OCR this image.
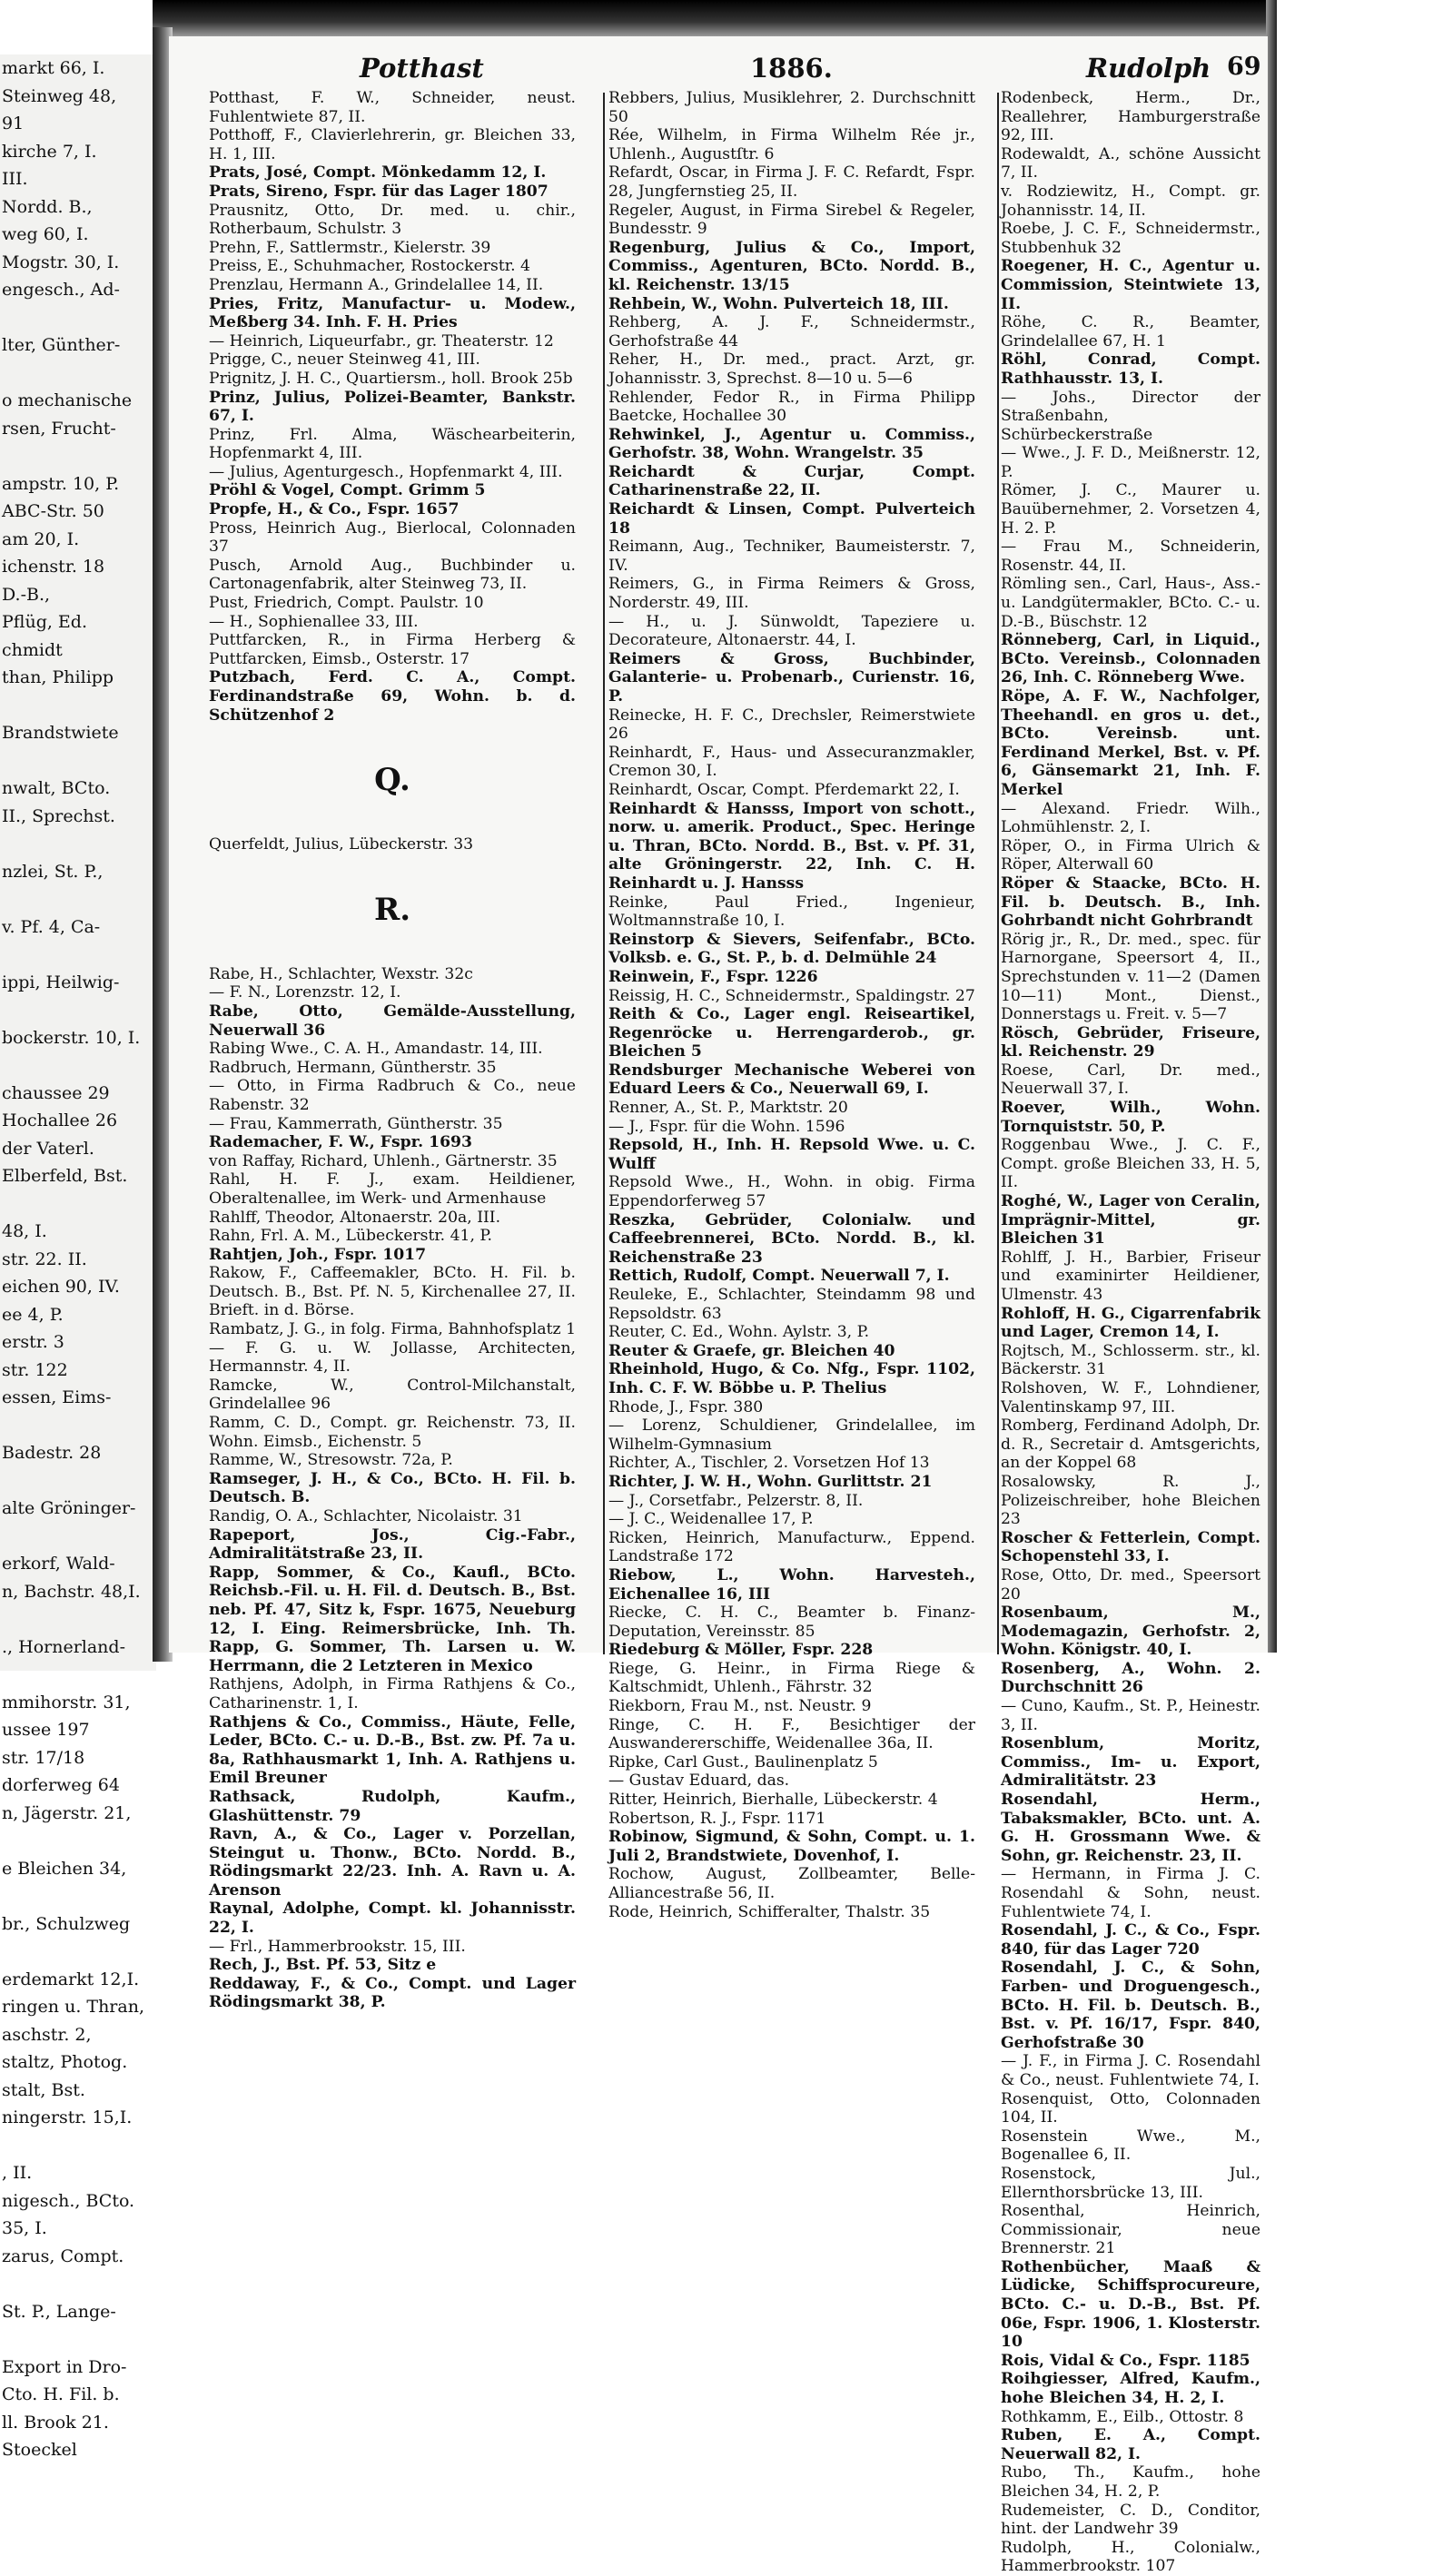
markt 66, I.
Steinweg 48,
91
kirche 7, I.
III.
Nordd. B.,
weg 60, I.
Mogstr. 30, I.
engesch., Ad-

lter, Günther-

o mechanische
rsen, Frucht-

ampstr. 10, P.
ABC-Str. 50
am 20, I.
ichenstr. 18
D.-B.,
Pflüg, Ed.
chmidt
than, Philipp

Brandstwiete

nwalt, BCto.
II., Sprechst.

nzlei, St. P.,

v. Pf. 4, Ca-

ippi, Heilwig-

bockerstr. 10, I.

chaussee 29
Hochallee 26
der Vaterl.
Elberfeld, Bst.

48, I.
str. 22. II.
eichen 90, IV.
ee 4, P.
erstr. 3
str. 122
essen, Eims-

Badestr. 28

alte Gröninger-

erkorf, Wald-
n, Bachstr. 48,I.

., Hornerland-

mmihorstr. 31,
ussee 197
str. 17/18
dorferweg 64
n, Jägerstr. 21,

e Bleichen 34,

br., Schulzweg

erdemarkt 12,I.
ringen u. Thran,
aschstr. 2,
staltz, Photog.
stalt, Bst.
ningerstr. 15,I.

, II.
nigesch., BCto.
35, I.
zarus, Compt.

St. P., Lange-

Export in Dro-
Cto. H. Fil. b.
ll. Brook 21.
Stoeckel
Potthast	1886.	Rudolph 69

Potthast, F. W., Schneider, neust. Fuhlentwiete 87, II.

Potthoff, F., Clavierlehrerin, gr. Bleichen 33, H. 1, III.

Prats, José, Compt. Mönkedamm 12, I.

Prats, Sireno, Fspr. für das Lager 1807

Prausnitz, Otto, Dr. med. u. chir., Rotherbaum, Schulstr. 3

Prehn, F., Sattlermstr., Kielerstr. 39

Preiss, E., Schuhmacher, Rostockerstr. 4

Prenzlau, Hermann A., Grindelallee 14, II.

Pries, Fritz, Manufactur- u. Modew., Meßberg 34. Inh. F. H. Pries

— Heinrich, Liqueurfabr., gr. Theaterstr. 12

Prigge, C., neuer Steinweg 41, III.

Prignitz, J. H. C., Quartiersm., holl. Brook 25b

Prinz, Julius, Polizei-Beamter, Bankstr. 67, I.

Prinz, Frl. Alma, Wäschearbeiterin, Hopfenmarkt 4, III.

— Julius, Agenturgesch., Hopfenmarkt 4, III.

Pröhl & Vogel, Compt. Grimm 5

Propfe, H., & Co., Fspr. 1657

Pross, Heinrich Aug., Bierlocal, Colonnaden 37

Pusch, Arnold Aug., Buchbinder u. Cartonagenfabrik, alter Steinweg 73, II.

Pust, Friedrich, Compt. Paulstr. 10

— H., Sophienallee 33, III.

Puttfarcken, R., in Firma Herberg & Puttfarcken, Eimsb., Osterstr. 17

Putzbach, Ferd. C. A., Compt. Ferdinandstraße 69, Wohn. b. d. Schützenhof 2

Q.

Querfeldt, Julius, Lübeckerstr. 33

R.

Rabe, H., Schlachter, Wexstr. 32c

— F. N., Lorenzstr. 12, I.

Rabe, Otto, Gemälde-Ausstellung, Neuerwall 36

Rabing Wwe., C. A. H., Amandastr. 14, III.

Radbruch, Hermann, Güntherstr. 35

— Otto, in Firma Radbruch & Co., neue Rabenstr. 32

— Frau, Kammerrath, Güntherstr. 35

Rademacher, F. W., Fspr. 1693

von Raffay, Richard, Uhlenh., Gärtnerstr. 35

Rahl, H. F. J., exam. Heildiener, Oberaltenallee, im Werk- und Armenhause

Rahlff, Theodor, Altonaerstr. 20a, III.

Rahn, Frl. A. M., Lübeckerstr. 41, P.

Rahtjen, Joh., Fspr. 1017

Rakow, F., Caffeemakler, BCto. H. Fil. b. Deutsch. B., Bst. Pf. N. 5, Kirchenallee 27, II. Brieft. in d. Börse.

Rambatz, J. G., in folg. Firma, Bahnhofsplatz 1

— F. G. u. W. Jollasse, Architecten, Hermannstr. 4, II.

Ramcke, W., Control-Milchanstalt, Grindelallee 96

Ramm, C. D., Compt. gr. Reichenstr. 73, II. Wohn. Eimsb., Eichenstr. 5

Ramme, W., Stresowstr. 72a, P.

Ramseger, J. H., & Co., BCto. H. Fil. b. Deutsch. B.

Randig, O. A., Schlachter, Nicolaistr. 31

Rapeport, Jos., Cig.-Fabr., Admiralitätstraße 23, II.

Rapp, Sommer, & Co., Kaufl., BCto. Reichsb.-Fil. u. H. Fil. d. Deutsch. B., Bst. neb. Pf. 47, Sitz k, Fspr. 1675, Neueburg 12, I. Eing. Reimersbrücke, Inh. Th. Rapp, G. Sommer, Th. Larsen u. W. Herrmann, die 2 Letzteren in Mexico

Rathjens, Adolph, in Firma Rathjens & Co., Catharinenstr. 1, I.

Rathjens & Co., Commiss., Häute, Felle, Leder, BCto. C.- u. D.-B., Bst. zw. Pf. 7a u. 8a, Rathhausmarkt 1, Inh. A. Rathjens u. Emil Breuner

Rathsack, Rudolph, Kaufm., Glashüttenstr. 79

Ravn, A., & Co., Lager v. Porzellan, Steingut u. Thonw., BCto. Nordd. B., Rödingsmarkt 22/23. Inh. A. Ravn u. A. Arenson

Raynal, Adolphe, Compt. kl. Johannisstr. 22, I.

— Frl., Hammerbrookstr. 15, III.

Rech, J., Bst. Pf. 53, Sitz e

Reddaway, F., & Co., Compt. und Lager Rödingsmarkt 38, P.

Rebbers, Julius, Musiklehrer, 2. Durchschnitt 50

Rée, Wilhelm, in Firma Wilhelm Rée jr., Uhlenh., Augustſtr. 6

Refardt, Oscar, in Firma J. F. C. Refardt, Fspr. 28, Jungfernstieg 25, II.

Regeler, August, in Firma Sirebel & Regeler, Bundesstr. 9

Regenburg, Julius & Co., Import, Commiss., Agenturen, BCto. Nordd. B., kl. Reichenstr. 13/15

Rehbein, W., Wohn. Pulverteich 18, III.

Rehberg, A. J. F., Schneidermstr., Gerhofstraße 44

Reher, H., Dr. med., pract. Arzt, gr. Johannisstr. 3, Sprechst. 8—10 u. 5—6

Rehlender, Fedor R., in Firma Philipp Baetcke, Hochallee 30

Rehwinkel, J., Agentur u. Commiss., Gerhofstr. 38, Wohn. Wrangelstr. 35

Reichardt & Curjar, Compt. Catharinenstraße 22, II.

Reichardt & Linsen, Compt. Pulverteich 18

Reimann, Aug., Techniker, Baumeisterstr. 7, IV.

Reimers, G., in Firma Reimers & Gross, Norderstr. 49, III.

— H., u. J. Sünwoldt, Tapeziere u. Decorateure, Altonaerstr. 44, I.

Reimers & Gross, Buchbinder, Galanterie- u. Probenarb., Curienstr. 16, P.

Reinecke, H. F. C., Drechsler, Reimerstwiete 26

Reinhardt, F., Haus- und Assecuranzmakler, Cremon 30, I.

Reinhardt, Oscar, Compt. Pferdemarkt 22, I.

Reinhardt & Hansss, Import von schott., norw. u. amerik. Product., Spec. Heringe u. Thran, BCto. Nordd. B., Bst. v. Pf. 31, alte Gröningerstr. 22, Inh. C. H. Reinhardt u. J. Hansss

Reinke, Paul Fried., Ingenieur, Woltmannstraße 10, I.

Reinstorp & Sievers, Seifenfabr., BCto. Volksb. e. G., St. P., b. d. Delmühle 24

Reinwein, F., Fspr. 1226

Reissig, H. C., Schneidermstr., Spaldingstr. 27

Reith & Co., Lager engl. Reiseartikel, Regenröcke u. Herrengarderob., gr. Bleichen 5

Rendsburger Mechanische Weberei von Eduard Leers & Co., Neuerwall 69, I.

Renner, A., St. P., Marktstr. 20

— J., Fspr. für die Wohn. 1596

Repsold, H., Inh. H. Repsold Wwe. u. C. Wulff

Repsold Wwe., H., Wohn. in obig. Firma Eppendorferweg 57

Reszka, Gebrüder, Colonialw. und Caffeebrennerei, BCto. Nordd. B., kl. Reichenstraße 23

Rettich, Rudolf, Compt. Neuerwall 7, I.

Reuleke, E., Schlachter, Steindamm 98 und Repsoldstr. 63

Reuter, C. Ed., Wohn. Aylstr. 3, P.

Reuter & Graefe, gr. Bleichen 40

Rheinhold, Hugo, & Co. Nfg., Fspr. 1102, Inh. C. F. W. Böbbe u. P. Thelius

Rhode, J., Fspr. 380

— Lorenz, Schuldiener, Grindelallee, im Wilhelm-Gymnasium

Richter, A., Tischler, 2. Vorsetzen Hof 13

Richter, J. W. H., Wohn. Gurlittstr. 21

— J., Corsetfabr., Pelzerstr. 8, II.

— J. C., Weidenallee 17, P.

Ricken, Heinrich, Manufacturw., Eppend. Landstraße 172

Riebow, L., Wohn. Harvesteh., Eichenallee 16, III

Riecke, C. H. C., Beamter b. Finanz-Deputation, Vereinsstr. 85

Riedeburg & Möller, Fspr. 228

Riege, G. Heinr., in Firma Riege & Kaltschmidt, Uhlenh., Fährstr. 32

Riekborn, Frau M., nst. Neustr. 9

Ringe, C. H. F., Besichtiger der Auswandererschiffe, Weidenallee 36a, II.

Ripke, Carl Gust., Baulinenplatz 5

— Gustav Eduard, das.

Ritter, Heinrich, Bierhalle, Lübeckerstr. 4

Robertson, R. J., Fspr. 1171

Robinow, Sigmund, & Sohn, Compt. u. 1. Juli 2, Brandstwiete, Dovenhof, I.

Rochow, August, Zollbeamter, Belle-Alliancestraße 56, II.

Rode, Heinrich, Schifferalter, Thalstr. 35

Rodenbeck, Herm., Dr., Reallehrer, Hamburgerstraße 92, III.

Rodewaldt, A., schöne Aussicht 7, II.

v. Rodziewitz, H., Compt. gr. Johannisstr. 14, II.

Roebe, J. C. F., Schneidermstr., Stubbenhuk 32

Roegener, H. C., Agentur u. Commission, Steintwiete 13, II.

Röhe, C. R., Beamter, Grindelallee 67, H. 1

Röhl, Conrad, Compt. Rathhausstr. 13, I.

— Johs., Director der Straßenbahn, Schürbeckerstraße

— Wwe., J. F. D., Meißnerstr. 12, P.

Römer, J. C., Maurer u. Bauübernehmer, 2. Vorsetzen 4, H. 2. P.

— Frau M., Schneiderin, Rosenstr. 44, II.

Römling sen., Carl, Haus-, Ass.- u. Landgütermakler, BCto. C.- u. D.-B., Büschstr. 12

Rönneberg, Carl, in Liquid., BCto. Vereinsb., Colonnaden 26, Inh. C. Rönneberg Wwe.

Röpe, A. F. W., Nachfolger, Theehandl. en gros u. det., BCto. Vereinsb. unt. Ferdinand Merkel, Bst. v. Pf. 6, Gänsemarkt 21, Inh. F. Merkel

— Alexand. Friedr. Wilh., Lohmühlenstr. 2, I.

Röper, O., in Firma Ulrich & Röper, Alterwall 60

Röper & Staacke, BCto. H. Fil. b. Deutsch. B., Inh. Gohrbandt nicht Gohrbrandt

Rörig jr., R., Dr. med., spec. für Harnorgane, Speersort 4, II., Sprechstunden v. 11—2 (Damen 10—11) Mont., Dienst., Donnerstags u. Freit. v. 5—7

Rösch, Gebrüder, Friseure, kl. Reichenstr. 29

Roese, Carl, Dr. med., Neuerwall 37, I.

Roever, Wilh., Wohn. Tornquiststr. 50, P.

Roggenbau Wwe., J. C. F., Compt. große Bleichen 33, H. 5, II.

Roghé, W., Lager von Ceralin, Imprägnir-Mittel, gr. Bleichen 31

Rohlff, J. H., Barbier, Friseur und examinirter Heildiener, Ulmenstr. 43

Rohloff, H. G., Cigarrenfabrik und Lager, Cremon 14, I.

Rojtsch, M., Schlosserm. str., kl. Bäckerstr. 31

Rolshoven, W. F., Lohndiener, Valentinskamp 97, III.

Romberg, Ferdinand Adolph, Dr. d. R., Secretair d. Amtsgerichts, an der Koppel 68

Rosalowsky, R. J., Polizeischreiber, hohe Bleichen 23

Roscher & Fetterlein, Compt. Schopenstehl 33, I.

Rose, Otto, Dr. med., Speersort 20

Rosenbaum, M., Modemagazin, Gerhofstr. 2, Wohn. Königstr. 40, I.

Rosenberg, A., Wohn. 2. Durchschnitt 26

— Cuno, Kaufm., St. P., Heinestr. 3, II.

Rosenblum, Moritz, Commiss., Im- u. Export, Admiralitätstr. 23

Rosendahl, Herm., Tabaksmakler, BCto. unt. A. G. H. Grossmann Wwe. & Sohn, gr. Reichenstr. 23, II.

— Hermann, in Firma J. C. Rosendahl & Sohn, neust. Fuhlentwiete 74, I.

Rosendahl, J. C., & Co., Fspr. 840, für das Lager 720

Rosendahl, J. C., & Sohn, Farben- und Droguengesch., BCto. H. Fil. b. Deutsch. B., Bst. v. Pf. 16/17, Fspr. 840, Gerhofstraße 30

— J. F., in Firma J. C. Rosendahl & Co., neust. Fuhlentwiete 74, I.

Rosenquist, Otto, Colonnaden 104, II.

Rosenstein Wwe., M., Bogenallee 6, II.

Rosenstock, Jul., Ellernthorsbrücke 13, III.

Rosenthal, Heinrich, Commissionair, neue Brennerstr. 21

Rothenbücher, Maaß & Lüdicke, Schiffsprocureure, BCto. C.- u. D.-B., Bst. Pf. 06e, Fspr. 1906, 1. Klosterstr. 10

Rois, Vidal & Co., Fspr. 1185

Roihgiesser, Alfred, Kaufm., hohe Bleichen 34, H. 2, I.

Rothkamm, E., Eilb., Ottostr. 8

Ruben, E. A., Compt. Neuerwall 82, I.

Rubo, Th., Kaufm., hohe Bleichen 34, H. 2, P.

Rudemeister, C. D., Conditor, hint. der Landwehr 39

Rudolph, H., Colonialw., Hammerbrookstr. 107
